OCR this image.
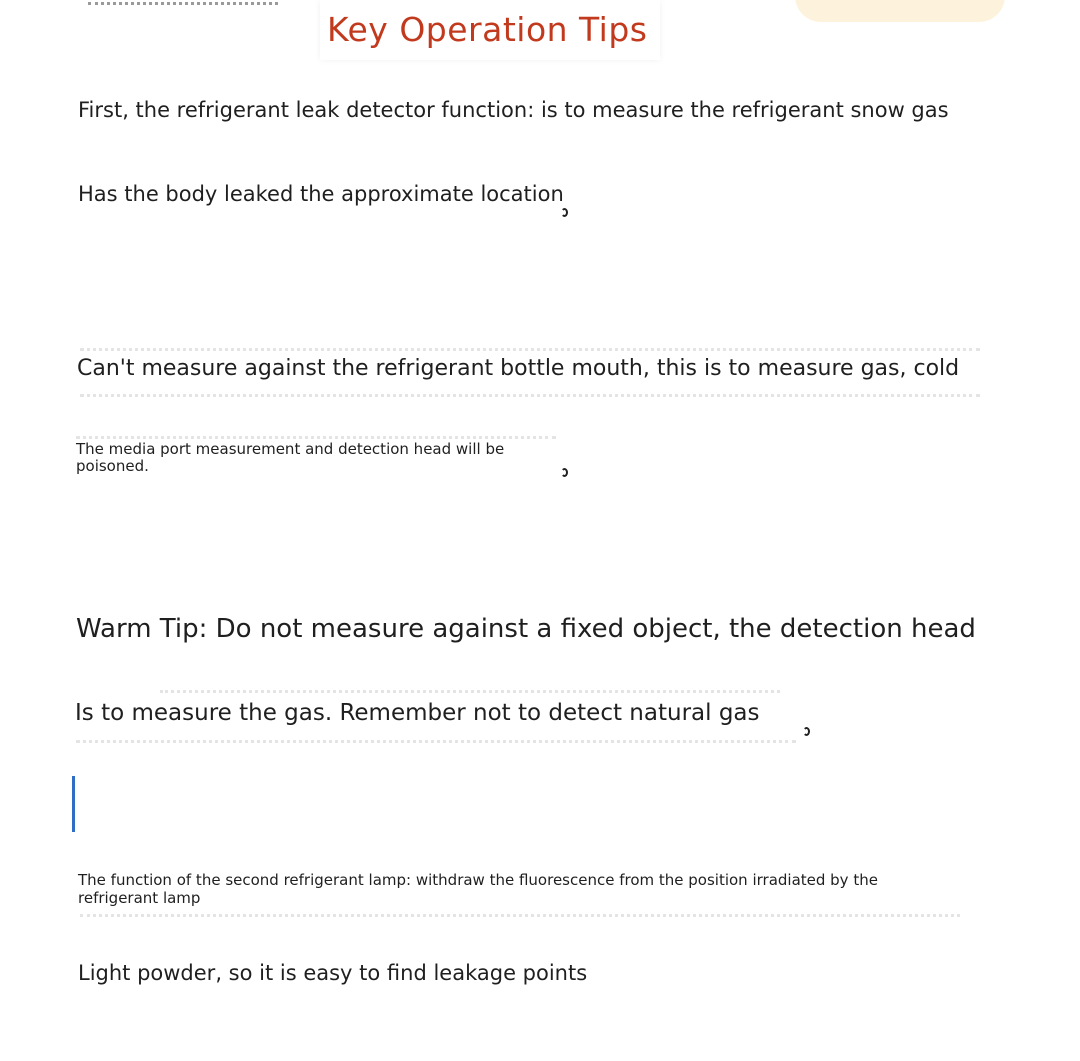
Key Operation Tips
First, the refrigerant leak detector function: is to measure the refrigerant snow gas
Has the body leaked the approximate location
Can't measure against the refrigerant bottle mouth, this is to measure gas, cold
The media port measurement and detection head will be poisoned.
Warm Tip: Do not measure against a fixed object, the detection head
Is to measure the gas. Remember not to detect natural gas
The function of the second refrigerant lamp: withdraw the fluorescence from the position irradiated by the refrigerant lamp
Light powder, so it is easy to find leakage points
